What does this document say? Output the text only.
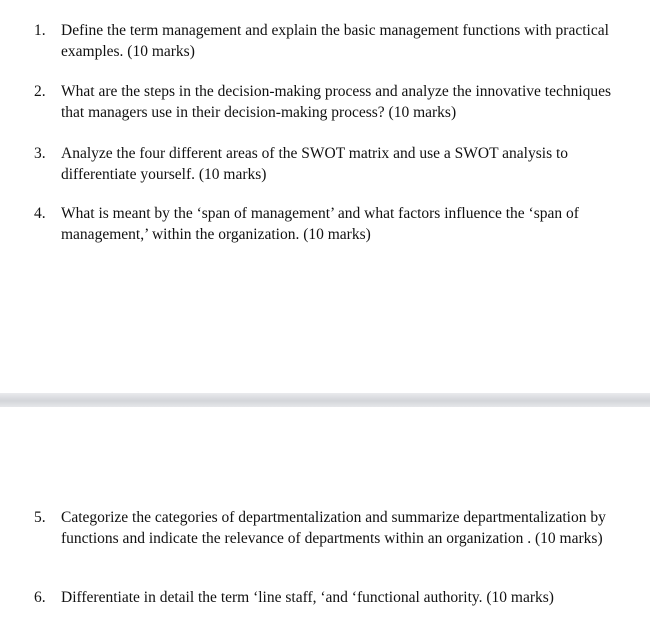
1. Define the term management and explain the basic management functions with practical examples. (10 marks)
2. What are the steps in the decision-making process and analyze the innovative techniques that managers use in their decision-making process? (10 marks)
3. Analyze the four different areas of the SWOT matrix and use a SWOT analysis to differentiate yourself. (10 marks)
4. What is meant by the ‘span of management’ and what factors influence the ‘span of management,’ within the organization. (10 marks)
5. Categorize the categories of departmentalization and summarize departmentalization by functions and indicate the relevance of departments within an organization . (10 marks)
6. Differentiate in detail the term ‘line staff, ‘and ‘functional authority. (10 marks)
